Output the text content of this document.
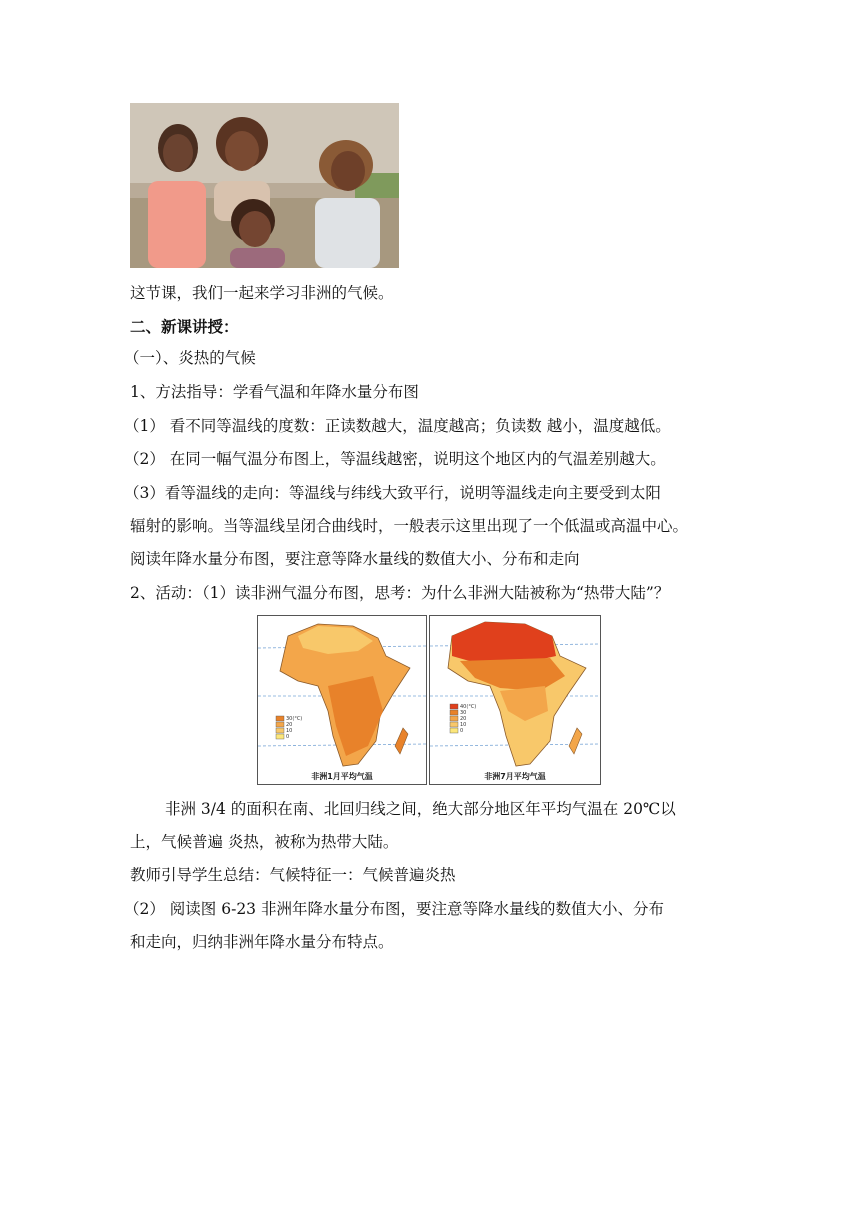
这节课，我们一起来学习非洲的气候。
二、新课讲授：
（一）、炎热的气候
1、方法指导：学看气温和年降水量分布图
（1） 看不同等温线的度数：正读数越大，温度越高；负读数 越小，温度越低。
（2） 在同一幅气温分布图上，等温线越密，说明这个地区内的气温差别越大。
（3）看等温线的走向：等温线与纬线大致平行，说明等温线走向主要受到太阳
辐射的影响。当等温线呈闭合曲线时，一般表示这里出现了一个低温或高温中心。
阅读年降水量分布图，要注意等降水量线的数值大小、分布和走向
2、活动：（1）读非洲气温分布图，思考：为什么非洲大陆被称为“热带大陆”？
30(°C)
20
10
0
非洲1月平均气温
40(°C)
30
20
10
0
非洲7月平均气温
非洲 3/4 的面积在南、北回归线之间，绝大部分地区年平均气温在 20℃以
上，气候普遍 炎热，被称为热带大陆。
教师引导学生总结：气候特征一：气候普遍炎热
（2） 阅读图 6-23 非洲年降水量分布图，要注意等降水量线的数值大小、分布
和走向，归纳非洲年降水量分布特点。
